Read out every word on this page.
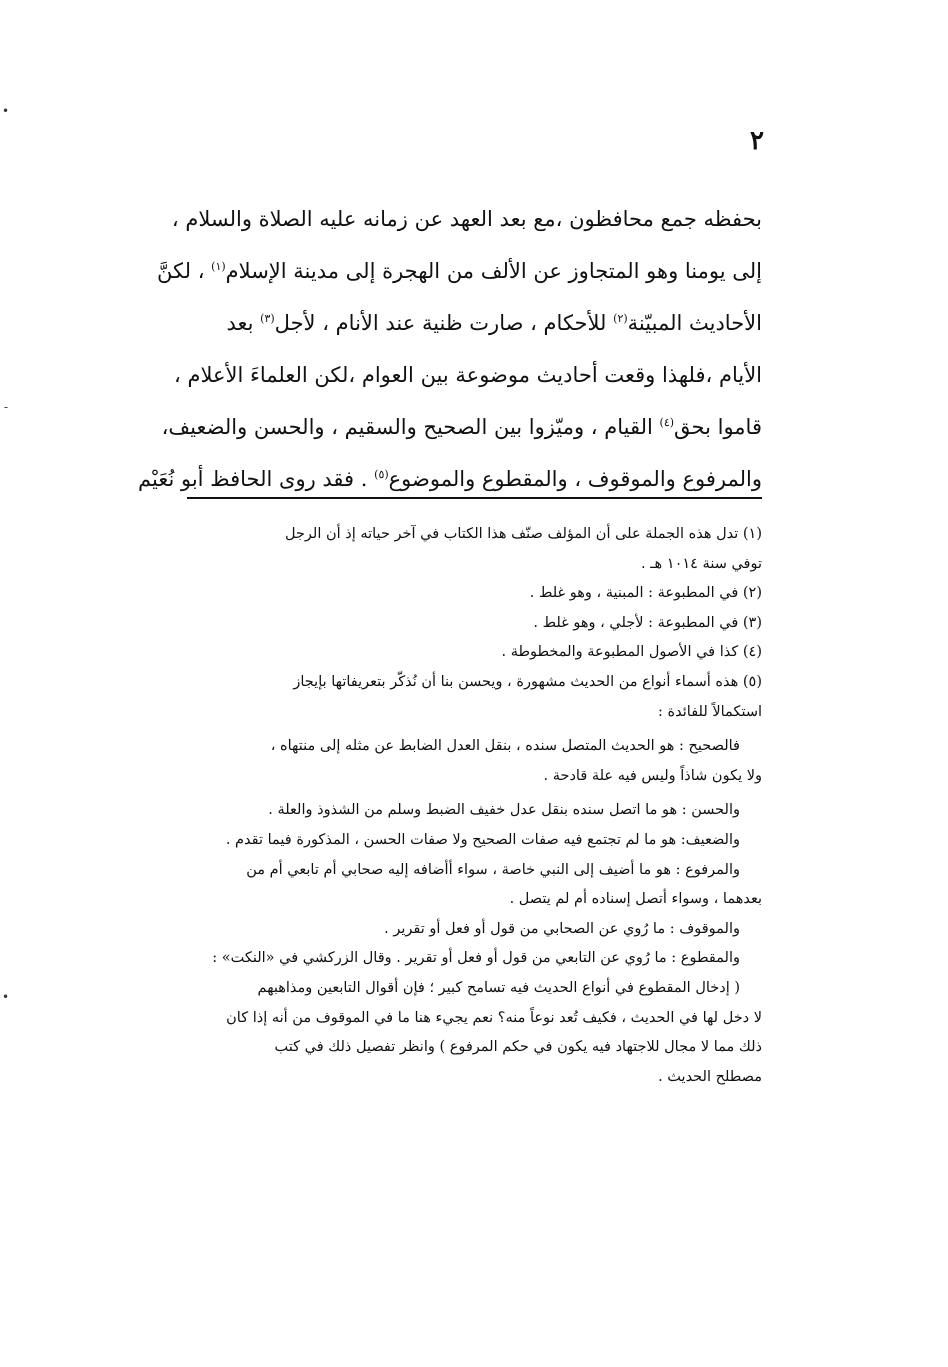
٢
بحفظه جمع محافظون ،مع بعد العهد عن زمانه عليه الصلاة والسلام ،
إلى يومنا وهو المتجاوز عن الألف من الهجرة إلى مدينة الإسلام$^{(١)}$ ، لكنَّ
الأحاديث المبيّنة$^{(٢)}$ للأحكام ، صارت ظنية عند الأنام ، لأجل$^{(٣)}$ بعد
الأيام ،فلهذا وقعت أحاديث موضوعة بين العوام ،لكن العلماءَ الأعلام ،
قاموا بحق$^{(٤)}$ القيام ، وميّزوا بين الصحيح والسقيم ، والحسن والضعيف،
والمرفوع والموقوف ، والمقطوع والموضوع$^{(٥)}$ . فقد روى الحافظ أبو نُعَيْم
(١) تدل هذه الجملة على أن المؤلف صنّف هذا الكتاب في آخر حياته إذ أن الرجل
توفي سنة ١٠١٤ هـ .
(٢) في المطبوعة : المبنية ، وهو غلط .
(٣) في المطبوعة : لأجلي ، وهو غلط .
(٤) كذا في الأصول المطبوعة والمخطوطة .
(٥) هذه أسماء أنواع من الحديث مشهورة ، ويحسن بنا أن نُذكّر بتعريفاتها بإيجاز
استكمالاً للفائدة :
فالصحيح : هو الحديث المتصل سنده ، بنقل العدل الضابط عن مثله إلى منتهاه ،
ولا يكون شاذاً وليس فيه علة قادحة .
والحسن : هو ما اتصل سنده بنقل عدل خفيف الضبط وسلم من الشذوذ والعلة .
والضعيف: هو ما لم تجتمع فيه صفات الصحيح ولا صفات الحسن ، المذكورة فيما تقدم .
والمرفوع : هو ما أضيف إلى النبي خاصة ، سواء أأضافه إليه صحابي أم تابعي أم من
بعدهما ، وسواء أتصل إسناده أم لم يتصل .
والموقوف : ما رُوي عن الصحابي من قول أو فعل أو تقرير .
والمقطوع : ما رُوي عن التابعي من قول أو فعل أو تقرير . وقال الزركشي في «النكت» :
( إدخال المقطوع في أنواع الحديث فيه تسامح كبير ؛ فإن أقوال التابعين ومذاهبهم
لا دخل لها في الحديث ، فكيف تُعد نوعاً منه؟ نعم يجيء هنا ما في الموقوف من أنه إذا كان
ذلك مما لا مجال للاجتهاد فيه يكون في حكم المرفوع ) وانظر تفصيل ذلك في كتب
مصطلح الحديث .
•
-
•
